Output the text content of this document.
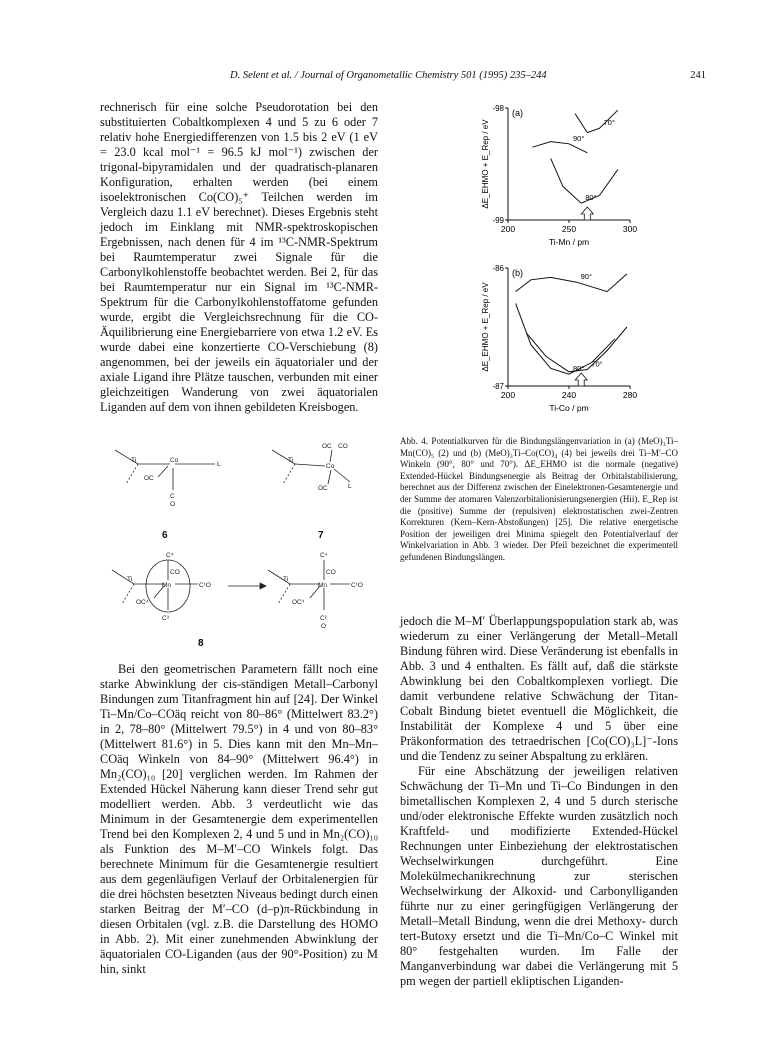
D. Selent et al. / Journal of Organometallic Chemistry 501 (1995) 235–244	241

rechnerisch für eine solche Pseudorotation bei den substituierten Cobaltkomplexen 4 und 5 zu 6 oder 7 relativ hohe Energiedifferenzen von 1.5 bis 2 eV (1 eV = 23.0 kcal mol⁻¹ = 96.5 kJ mol⁻¹) zwischen der trigonal-bipyramidalen und der quadratisch-planaren Konfiguration, erhalten werden (bei einem isoelektronischen Co(CO)₅⁺ Teilchen werden im Vergleich dazu 1.1 eV berechnet). Dieses Ergebnis steht jedoch im Einklang mit NMR-spektroskopischen Ergebnissen, nach denen für 4 im ¹³C-NMR-Spektrum bei Raumtemperatur zwei Signale für die Carbonylkohlenstoffe beobachtet werden. Bei 2, für das bei Raumtemperatur nur ein Signal im ¹³C-NMR-Spektrum für die Carbonylkohlenstoffatome gefunden wurde, ergibt die Vergleichsrechnung für die CO-Äquilibrierung eine Energiebarriere von etwa 1.2 eV. Es wurde dabei eine konzertierte CO-Verschiebung (8) angenommen, bei der jeweils ein äquatorialer und der axiale Ligand ihre Plätze tauschen, verbunden mit einer gleichzeitigen Wanderung von zwei äquatorialen Liganden auf dem von ihnen gebildeten Kreisbogen.

Ti	Co
L
OC
C
O
Ti
Co
OC CO
OC	L
6	7
Ti
Mn	C¹O
CO
C⁴
OC⁴
C³
Ti
Mn	C¹O
CO
C⁴
OC³
C²
O
8

Bei den geometrischen Parametern fällt noch eine starke Abwinklung der cis-ständigen Metall–Carbonyl Bindungen zum Titanfragment hin auf [24]. Der Winkel Ti–Mn/Co–COäq reicht von 80–86° (Mittelwert 83.2°) in 2, 78–80° (Mittelwert 79.5°) in 4 und von 80–83° (Mittelwert 81.6°) in 5. Dies kann mit den Mn–Mn–COäq Winkeln von 84–90° (Mittelwert 96.4°) in Mn₂(CO)₁₀ [20] verglichen werden. Im Rahmen der Extended Hückel Näherung kann dieser Trend sehr gut modelliert werden. Abb. 3 verdeutlicht wie das Minimum in der Gesamtenergie dem experimentellen Trend bei den Komplexen 2, 4 und 5 und in Mn₂(CO)₁₀ als Funktion des M–M′–CO Winkels folgt. Das berechnete Minimum für die Gesamtenergie resultiert aus dem gegenläufigen Verlauf der Orbitalenergien für die drei höchsten besetzten Niveaus bedingt durch einen starken Beitrag der M′–CO (d–p)π-Rückbindung in diesen Orbitalen (vgl. z.B. die Darstellung des HOMO in Abb. 2). Mit einer zunehmenden Abwinklung der äquatorialen CO-Liganden (aus der 90°-Position) zu M hin, sinkt

200	250	300
-99
-98
Ti-Mn / pm
ΔE_EHMO + E_Rep / eV
(a)
90°
70°
80°
200	240	280
-87
-86
Ti-Co / pm
ΔE_EHMO + E_Rep / eV
(b)	90°
80°
70°
Abb. 4. Potentialkurven für die Bindungslängenvariation in (a) (MeO)₃Ti–Mn(CO)₅ (2) und (b) (MeO)₃Ti–Co(CO)₄ (4) bei jeweils drei Ti–M′–CO Winkeln (90°, 80° und 70°). ΔE_EHMO ist die normale (negative) Extended-Hückel Bindungsenergie als Beitrag der Orbitalstabilisierung, berechnet aus der Differenz zwischen der Einelektronen-Gesamtenergie und der Summe der atomaren Valenzorbitalionisierungsenergien (Hii). E_Rep ist die (positive) Summe der (repulsiven) elektrostatischen zwei-Zentren Korrekturen (Kern–Kern-Abstoßungen) [25]. Die relative energetische Position der jeweiligen drei Minima spiegelt den Potentialverlauf der Winkelvariation in Abb. 3 wieder. Der Pfeil bezeichnet die experimentell gefundenen Bindungslängen.

jedoch die M–M′ Überlappungspopulation stark ab, was wiederum zu einer Verlängerung der Metall–Metall Bindung führen wird. Diese Veränderung ist ebenfalls in Abb. 3 und 4 enthalten. Es fällt auf, daß die stärkste Abwinklung bei den Cobaltkomplexen vorliegt. Die damit verbundene relative Schwächung der Titan-Cobalt Bindung bietet eventuell die Möglichkeit, die Instabilität der Komplexe 4 und 5 über eine Präkonformation des tetraedrischen [Co(CO)₃L]⁻-Ions und die Tendenz zu seiner Abspaltung zu erklären.

Für eine Abschätzung der jeweiligen relativen Schwächung der Ti–Mn und Ti–Co Bindungen in den bimetallischen Komplexen 2, 4 und 5 durch sterische und/oder elektronische Effekte wurden zusätzlich noch Kraftfeld- und modifizierte Extended-Hückel Rechnungen unter Einbeziehung der elektrostatischen Wechselwirkungen durchgeführt. Eine Molekülmechanikrechnung zur sterischen Wechselwirkung der Alkoxid- und Carbonylliganden führte nur zu einer geringfügigen Verlängerung der Metall–Metall Bindung, wenn die drei Methoxy- durch tert-Butoxy ersetzt und die Ti–Mn/Co–C Winkel mit 80° festgehalten wurden. Im Falle der Manganverbindung war dabei die Verlängerung mit 5 pm wegen der partiell ekliptischen Liganden-
